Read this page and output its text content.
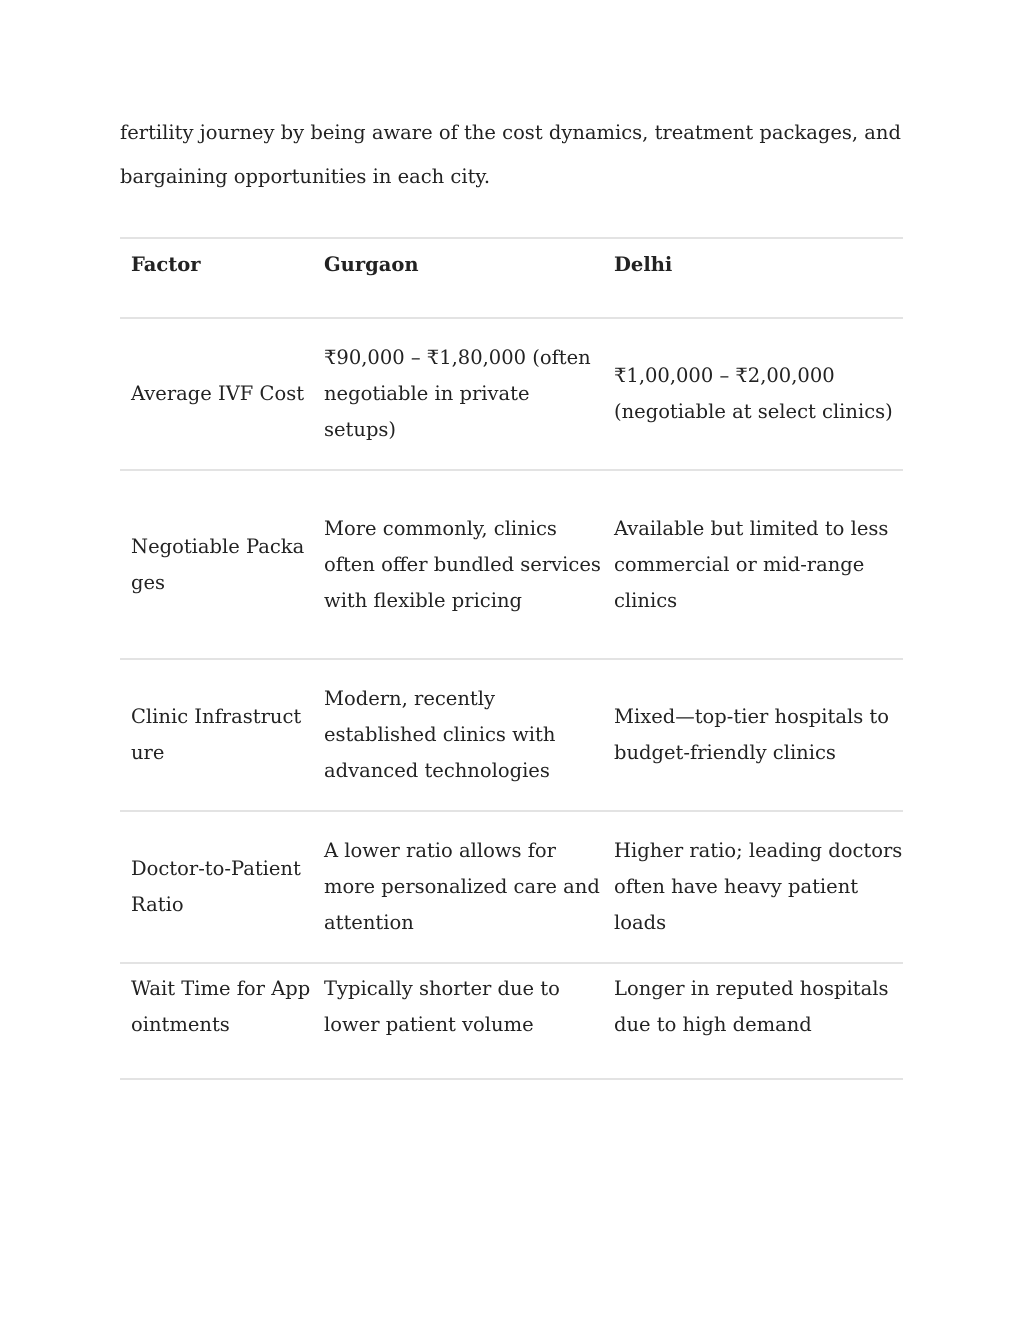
fertility journey by being aware of the cost dynamics, treatment packages, and
bargaining opportunities in each city.

Factor	Gurgaon	Delhi
Average IVF Cost	₹90,000 – ₹1,80,000 (often negotiable in private setups)	₹1,00,000 – ₹2,00,000 (negotiable at select clinics)
Negotiable Packages	More commonly, clinics often offer bundled services with flexible pricing	Available but limited to less commercial or mid-range clinics
Clinic Infrastructure	Modern, recently established clinics with advanced technologies	Mixed—top-tier hospitals to budget-friendly clinics
Doctor-to-Patient Ratio	A lower ratio allows for more personalized care and attention	Higher ratio; leading doctors often have heavy patient loads
Wait Time for Appointments	Typically shorter due to lower patient volume	Longer in reputed hospitals due to high demand
